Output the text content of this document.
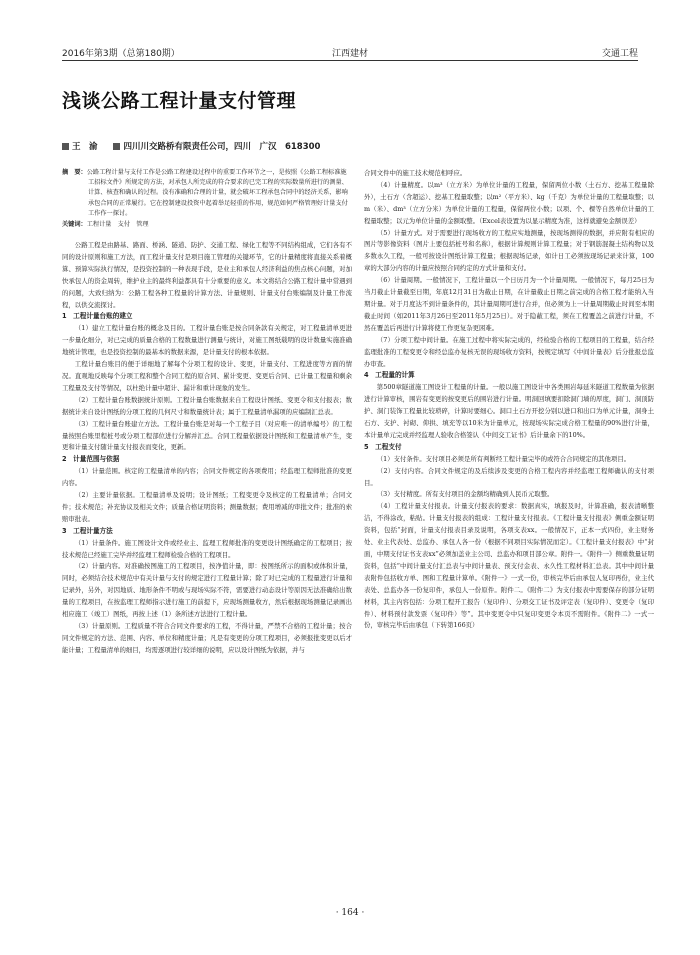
2016年第3期（总第180期）	江西建材	交通工程
浅谈公路工程计量支付管理
王　渝	四川川交路桥有限责任公司，四川　广汉　618300
摘　要：公路工程计量与支付工作是公路工程建设过程中的重要工作环节之一，是按照《公路工程标准施工招标文件》所规定的方法，对承包人所完成的符合要求的已完工程的实际数量所进行的测量、计算、核查和确认的过程。没有准确和合理的计量，就会破坏工程承包合同中的经济关系，影响承包合同的正常履行。它在控制建设投资中起着举足轻重的作用，规范如何严格管理好计量支付工作作一探讨。
关键词：工程计量　支付　管理

公路工程是由路基、路面、桥涵、隧道、防护、交通工程、绿化工程等不同结构组成，它们各有不同的设计原则和施工方法，而工程计量支付是项目施工管理的关键环节，它的计量精度将直接关系着概算、预算实际执行情况，是投资控制的一种表现手段，是业主和承包人经济利益的焦点核心问题，对加快承包人的资金周转，维护业主的最终利益都具有十分重要的意义。本文将结合公路工程计量中常遇到的问题，大致归纳为：公路工程各种工程量的计算方法、计量规则、计量支付台账编制及计量工作流程，以供交流探讨。

1　工程计量台账的建立

（1）建立工程计量台账的概念及目的。工程计量台账是按合同条款有关规定，对工程量清单更进一步量化细分，对已完成的质量合格的工程数量进行测量与统计，对施工图纸载明的设计数量实施准确地统计管理，也是投资控制的最基本的数据来源，是计量支付的根本依据。

工程计量台账目的便于详细地了解每个分项工程的设计、变更，计量支付、工程进度等方面的情况。直观地反映每个分项工程和整个合同工程的原合同、累计变更、变更后合同、已计量工程量和剩余工程量及支付等情况，以杜绝计量中超计、漏计和重计现象的发生。

（2）工程计量台账数据统计原则。工程计量台账数据来自工程设计图纸、变更令和支付报表；数据统计来自设计图纸的分项工程的几何尺寸和数量统计表；属于工程量清单漏项的应编制汇总表。

（3）工程计量台账建立方法。工程计量台账是对每一个工程子目（对应唯一的清单编号）的工程量按照台账里程桩号或分项工程部位进行分解并汇总。合同工程量依据设计图纸和工程量清单产生，变更和计量支付随计量支付报表而变化，更新。

2　计量范围与依据

（1）计量范围。核定的工程量清单的内容；合同文件规定的各项费用；经监理工程师批准的变更内容。

（2）主要计量依据。工程量清单及说明；设计图纸；工程变更令及核定的工程量清单；合同文件；技术规范；补充协议及相关文件；质量合格证明资料；测量数据；费用增减的审批文件；批准的索赔审批表。

3　工程计量方法

（1）计量条件。施工图设计文件或经业主、监理工程师批准的变更设计图纸确定的工程项目；按技术规范已经施工完毕并经监理工程师检验合格的工程项目。

（2）计量内容。对准确按图施工的工程项目，按净值计量，即：按图纸所示的面积或体积计量，同时，必须结合技术规范中有关计量与支付的规定进行工程量计算；除了对已完成的工程量进行计量和记录外，另外，对因地质、地形条件不明或与现场实际不符，需要进行动态设计等原因无法准确给出数量的工程项目，在按监理工程师指示进行施工的前提下，应现场测量收方，然后根据现场测量记录画出相应施工（竣工）图纸，再按上述（1）条所述方法进行工程计量。

（3）计量原则。工程质量不符合合同文件要求的工程，不得计量，严禁不合格的工程计量；按合同文件规定的方法、范围、内容、单位和精度计量；凡是有变更的分项工程项目，必须报批变更以后才能计量；工程量清单的细目，均需逐项进行较详细的说明，应以设计图纸为依据，并与

合同文件中的施工技术规范相呼应。

（4）计量精度。以m³（立方米）为单位计量的工程量，保留两位小数（土石方、挖基工程量除外），土石方（含超运）、挖基工程量取整；以m²（平方米）、kg（千克）为单位计量的工程量取整；以m（米）、dm³（立方分米）为单位计量的工程量，保留两位小数；以项、个、棵等自然单位计量的工程量取整；以元为单位计量的金额取整。（Excel表设置为以显示精度为准，这样就避免金额误差）

（5）计量方式。对于需要进行现场收方的工程应实地测量，按现场测得的数据，并应附有相应的图片等影像资料（图片上要包括桩号和名称），根据计算规则计算工程量；对于钢筋混凝土结构物以及多数永久工程，一般可按设计图纸计算工程量；根据现场记录，如计日工必须按现场记录来计算，100章的大部分内容的计量应按照合同约定的方式计量和支付。

（6）计量周期。一般情况下，工程计量以一个日历月为一个计量周期。一般情况下，每月25日为当月截止计量截至日期，年底12月31日为截止日期，在计量截止日期之前完成的合格工程才能纳入当期计量。对于月度达不到计量条件的，其计量周期可进行合并，但必须为上一计量周期截止时间至本期截止时间（如2011年3月26日至2011年5月25日）。对于隐蔽工程，须在工程覆盖之前进行计量，不然在覆盖后再进行计算将使工作更复杂更困难。

（7）分项工程中间计量。在施工过程中将实际完成的，经检验合格的工程项目的工程量，结合经监理批准的工程变更令和经总监办复核无误的现场收方资料，按规定填写《中间计量表》后分批报总监办审查。

4　工程量的计算

第500章隧道施工图设计工程量的计量。一般以施工图设计中各类围岩每延米隧道工程数量为依据进行计算审核，围岩有变更的按变更后的围岩进行计量。明洞回填要扣除洞门墙的厚度，洞门、洞顶防护、洞门装饰工程量比较琐碎，计算时要细心。洞口土石方开挖分别以进口和出口为单元计量，洞身土石方、支护、衬砌、仰拱、填充等以10米为计量单元，按现场实际完成合格工程量的90%进行计量，本计量单元完成并经监理人验收合格签认《中间交工证书》后计量余下的10%。

5　工程支付

（1）支付条件。支付项目必须是所有判断经工程计量完毕的或符合合同规定的其他项目。

（2）支付内容。合同文件规定的及后续涉及变更的合格工程内容并经监理工程师确认的支付项目。

（3）支付精度。所有支付项目的金额均精确到人民币元取整。

（4）工程计量支付报表。计量支付报表的要求：数据真实，填报及时，计算准确，报表清晰整洁，不得涂改，粘贴。计量支付报表的组成：工程计量支付报表。《工程计量支付报表》侧重金额证明资料，包括“封面，计量支付报表目录及说明，各项支表xx。一般情况下，正本一式四份，业主财务处、业主代表处、总监办、承包人各一份（根据不同项目实际情况而定）。《工程计量支付报表》中“封面，中期支付证书支表xx”必须加盖业主公司、总监办和项目部公章。附件一。《附件一》侧重数量证明资料，包括“中间计量支付汇总表与中间计量表、预支付金表、永久性工程材料汇总表。其中中间计量表附件包括收方单、图和工程量计算单。《附件一》一式一份，审核完毕后由承包人复印再份，业主代表处、总监办各一份复印件，承包人一份原件。附件二。《附件二》为支付报表中需要保存的部分证明材料，其主内容包括：分项工程开工报告（复印件）、分项交工证书及评定表（复印件）、变更令（复印件）、材料预付款发票（复印件）等”。其中变更令中只复印变更令本页不需附件。《附件二》一式一份，审核完毕后由承包（下转第166页）

· 164 ·
